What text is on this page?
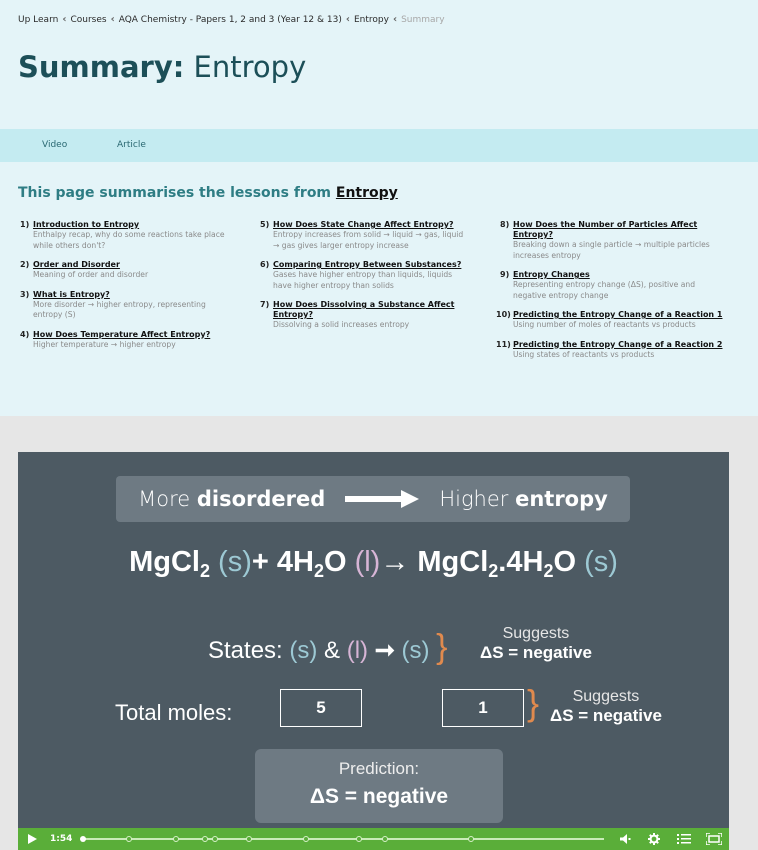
Up Learn ‹ Courses ‹ AQA Chemistry - Papers 1, 2 and 3 (Year 12 & 13) ‹ Entropy ‹ Summary
Summary: Entropy
Video	Article
This page summarises the lessons from Entropy
1) Introduction to Entropy
Enthalpy recap, why do some reactions take place while others don't?
2) Order and Disorder
Meaning of order and disorder
3) What is Entropy?
More disorder → higher entropy, representing entropy (S)
4) How Does Temperature Affect Entropy?
Higher temperature → higher entropy
5) How Does State Change Affect Entropy?
Entropy increases from solid → liquid → gas, liquid → gas gives larger entropy increase
6) Comparing Entropy Between Substances?
Gases have higher entropy than liquids, liquids have higher entropy than solids
7) How Does Dissolving a Substance Affect Entropy?
Dissolving a solid increases entropy
8) How Does the Number of Particles Affect Entropy?
Breaking down a single particle → multiple particles increases entropy
9) Entropy Changes
Representing entropy change (ΔS), positive and negative entropy change
10) Predicting the Entropy Change of a Reaction 1
Using number of moles of reactants vs products
11) Predicting the Entropy Change of a Reaction 2
Using states of reactants vs products
More disordered	Higher entropy
MgCl$_2$ $(s)+ 4H_2O$ $(l)\to MgCl_2.4H_2O$ (s)
States: (s) & (l) ➞ (s) }	Suggests
ΔS = negative
Total moles:	5	1	}	Suggests
ΔS = negative
Prediction:
ΔS = negative
1:54
